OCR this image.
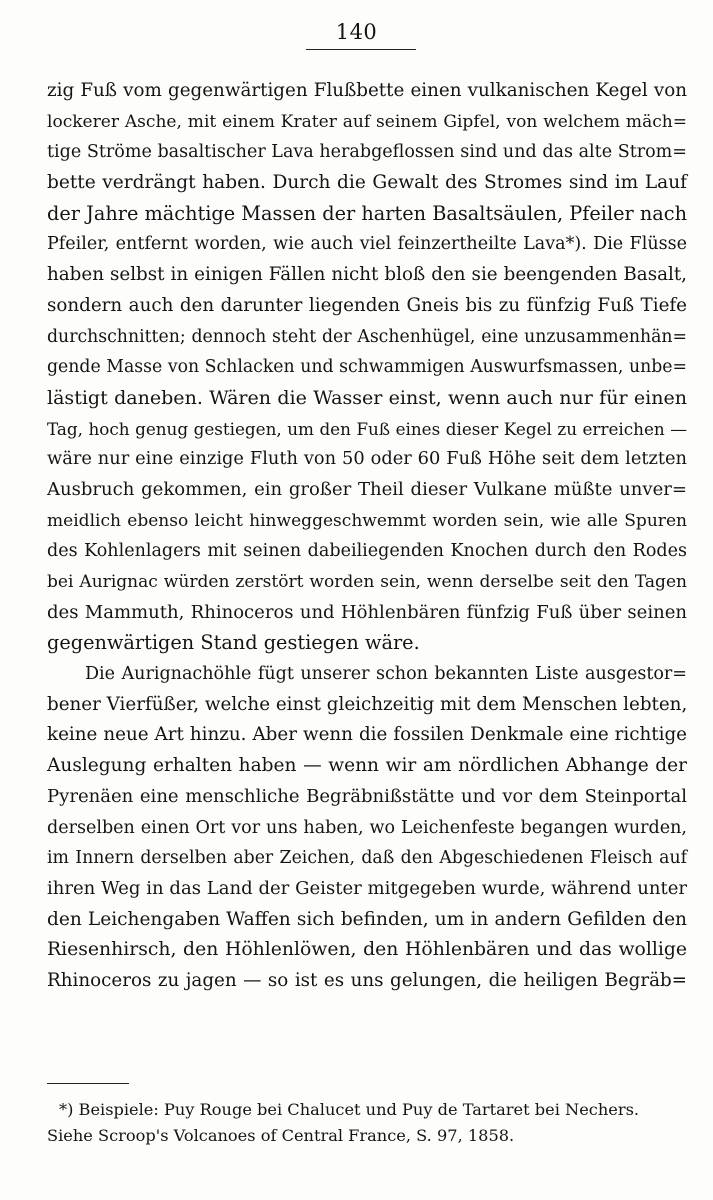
140
zig Fuß vom gegenwärtigen Flußbette einen vulkanischen Kegel von
lockerer Asche, mit einem Krater auf seinem Gipfel, von welchem mäch=
tige Ströme basaltischer Lava herabgeflossen sind und das alte Strom=
bette verdrängt haben. Durch die Gewalt des Stromes sind im Lauf
der Jahre mächtige Massen der harten Basaltsäulen, Pfeiler nach
Pfeiler, entfernt worden, wie auch viel feinzertheilte Lava*). Die Flüsse
haben selbst in einigen Fällen nicht bloß den sie beengenden Basalt,
sondern auch den darunter liegenden Gneis bis zu fünfzig Fuß Tiefe
durchschnitten; dennoch steht der Aschenhügel, eine unzusammenhän=
gende Masse von Schlacken und schwammigen Auswurfsmassen, unbe=
lästigt daneben. Wären die Wasser einst, wenn auch nur für einen
Tag, hoch genug gestiegen, um den Fuß eines dieser Kegel zu erreichen —
wäre nur eine einzige Fluth von 50 oder 60 Fuß Höhe seit dem letzten
Ausbruch gekommen, ein großer Theil dieser Vulkane müßte unver=
meidlich ebenso leicht hinweggeschwemmt worden sein, wie alle Spuren
des Kohlenlagers mit seinen dabeiliegenden Knochen durch den Rodes
bei Aurignac würden zerstört worden sein, wenn derselbe seit den Tagen
des Mammuth, Rhinoceros und Höhlenbären fünfzig Fuß über seinen
gegenwärtigen Stand gestiegen wäre.
Die Aurignachöhle fügt unserer schon bekannten Liste ausgestor=
bener Vierfüßer, welche einst gleichzeitig mit dem Menschen lebten,
keine neue Art hinzu. Aber wenn die fossilen Denkmale eine richtige
Auslegung erhalten haben — wenn wir am nördlichen Abhange der
Pyrenäen eine menschliche Begräbnißstätte und vor dem Steinportal
derselben einen Ort vor uns haben, wo Leichenfeste begangen wurden,
im Innern derselben aber Zeichen, daß den Abgeschiedenen Fleisch auf
ihren Weg in das Land der Geister mitgegeben wurde, während unter
den Leichengaben Waffen sich befinden, um in andern Gefilden den
Riesenhirsch, den Höhlenlöwen, den Höhlenbären und das wollige
Rhinoceros zu jagen — so ist es uns gelungen, die heiligen Begräb=
*) Beispiele: Puy Rouge bei Chalucet und Puy de Tartaret bei Nechers.
Siehe Scroop's Volcanoes of Central France, S. 97, 1858.
